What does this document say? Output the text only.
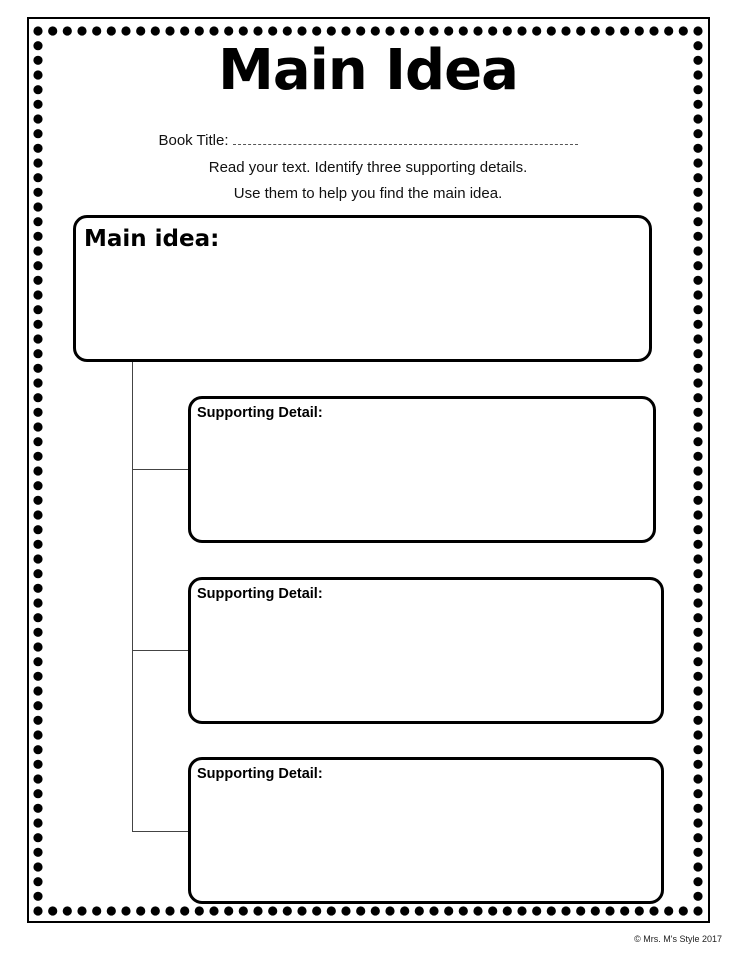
Main Idea
Book Title:
Read your text. Identify three supporting details.
Use them to help you find the main idea.
Main idea:
Supporting Detail:
Supporting Detail:
Supporting Detail:
© Mrs. M's Style 2017
